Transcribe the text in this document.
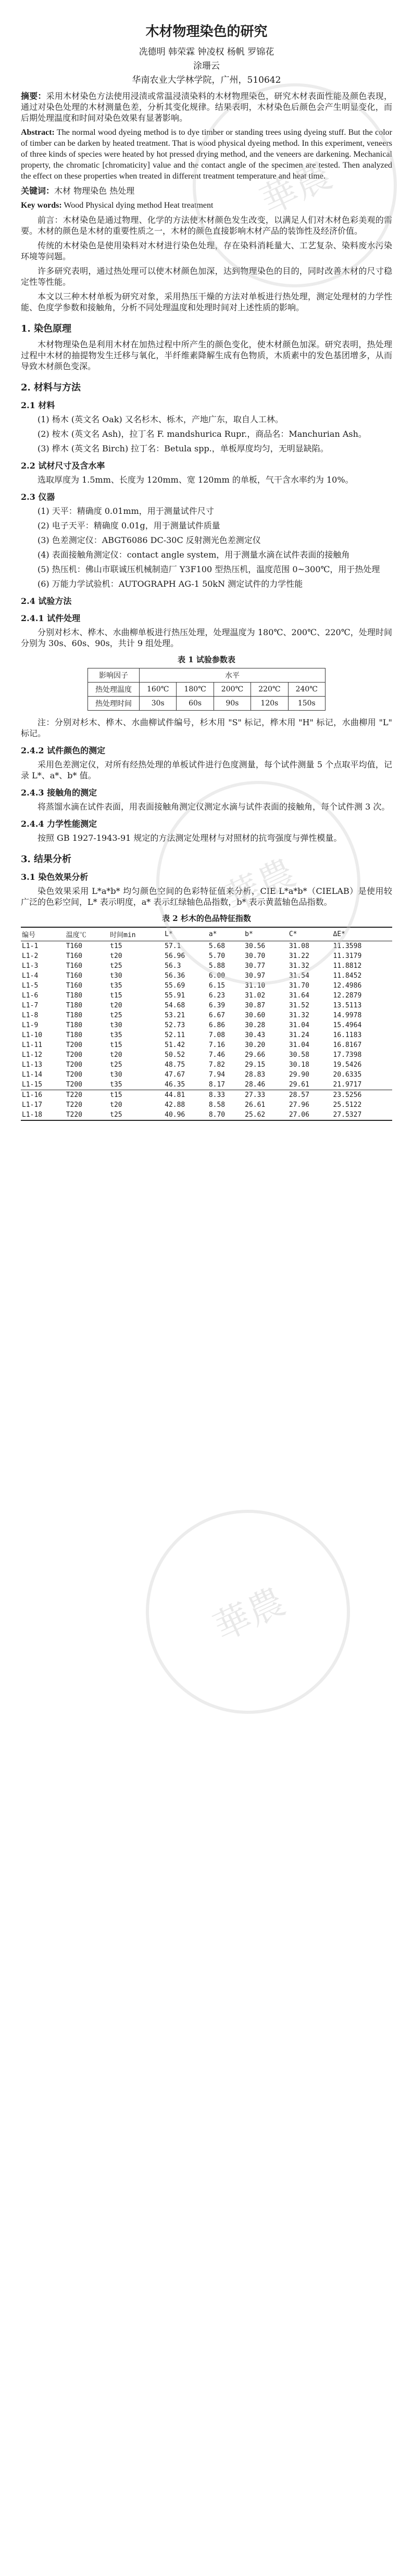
華農
華農
華農
木材物理染色的研究
冼德明 韩荣霖 钟凌权 杨帆 罗锦花
涂珊云
华南农业大学林学院，广州，510642

摘要：采用木材染色方法使用浸渍或常温浸渍染料的木材物理染色，研究木材表面性能及颜色表现，通过对染色处理的木材测量色差，分析其变化规律。结果表明，木材染色后颜色会产生明显变化，而后期处理温度和时间对染色效果有显著影响。

Abstract: The normal wood dyeing method is to dye timber or standing trees using dyeing stuff. But the color of timber can be darken by heated treatment. That is wood physical dyeing method. In this experiment, veneers of three kinds of species were heated by hot pressed drying method, and the veneers are darkening. Mechanical property, the chromatic [chromaticity] value and the contact angle of the specimen are tested. Then analyzed the effect on these properties when treated in different treatment temperature and heat time.

关键词：木材 物理染色 热处理

Key words: Wood Physical dying method Heat treatment

前言：木材染色是通过物理、化学的方法使木材颜色发生改变，以满足人们对木材色彩美观的需要。木材的颜色是木材的重要性质之一，木材的颜色直接影响木材产品的装饰性及经济价值。

传统的木材染色是使用染料对木材进行染色处理，存在染料消耗量大、工艺复杂、染料废水污染环境等问题。

许多研究表明，通过热处理可以使木材颜色加深，达到物理染色的目的，同时改善木材的尺寸稳定性等性能。

本文以三种木材单板为研究对象，采用热压干燥的方法对单板进行热处理，测定处理材的力学性能、色度学参数和接触角，分析不同处理温度和处理时间对上述性质的影响。

1. 染色原理

木材物理染色是利用木材在加热过程中所产生的颜色变化，使木材颜色加深。研究表明，热处理过程中木材的抽提物发生迁移与氧化，半纤维素降解生成有色物质，木质素中的发色基团增多，从而导致木材颜色变深。

2. 材料与方法
2.1 材料

(1) 杨木 (英文名 Oak) 又名杉木、栎木，产地广东，取自人工林。

(2) 桉木 (英文名 Ash)，拉丁名 F. mandshurica Rupr.，商品名：Manchurian Ash。

(3) 桦木 (英文名 Birch) 拉丁名：Betula spp.，单板厚度均匀，无明显缺陷。

2.2 试材尺寸及含水率

选取厚度为 1.5mm、长度为 120mm、宽 120mm 的单板，气干含水率约为 10%。

2.3 仪器

(1) 天平：精确度 0.01mm，用于测量试件尺寸

(2) 电子天平：精确度 0.01g，用于测量试件质量

(3) 色差测定仪：ABGT6086 DC-30C 反射测光色差测定仪

(4) 表面接触角测定仪：contact angle system，用于测量水滴在试件表面的接触角

(5) 热压机：佛山市联诚压机械制造厂 Y3F100 型热压机，温度范围 0~300℃，用于热处理

(6) 万能力学试验机：AUTOGRAPH AG-1 50kN 测定试件的力学性能

2.4 试验方法
2.4.1 试件处理

分别对杉木、桦木、水曲柳单板进行热压处理，处理温度为 180℃、200℃、220℃，处理时间分别为 30s、60s、90s，共计 9 组处理。

表 1 试验参数表
影响因子	水平				
热处理温度	160℃	180℃	200℃	220℃	240℃
热处理时间	30s	60s	90s	120s	150s

注：分别对杉木、桦木、水曲柳试件编号，杉木用 "S" 标记，桦木用 "H" 标记，水曲柳用 "L" 标记。

2.4.2 试件颜色的测定

采用色差测定仪，对所有经热处理的单板试件进行色度测量，每个试件测量 5 个点取平均值，记录 L*、a*、b* 值。

2.4.3 接触角的测定

将蒸馏水滴在试件表面，用表面接触角测定仪测定水滴与试件表面的接触角，每个试件测 3 次。

2.4.4 力学性能测定

按照 GB 1927-1943-91 规定的方法测定处理材与对照材的抗弯强度与弹性模量。

3. 结果分析
3.1 染色效果分析

染色效果采用 L*a*b* 均匀颜色空间的色彩特征值来分析，CIE L*a*b*（CIELAB）是使用较广泛的色彩空间，L* 表示明度，a* 表示红绿轴色品指数，b* 表示黄蓝轴色品指数。

表 2 杉木的色品特征指数
编号	温度℃	时间min	L*	a*	b*	C*	ΔE*
L1-1	T160	t15	57.1	5.68	30.56	31.08	11.3598
L1-2	T160	t20	56.96	5.70	30.70	31.22	11.3179
L1-3	T160	t25	56.3	5.88	30.77	31.32	11.8812
L1-4	T160	t30	56.36	6.00	30.97	31.54	11.8452
L1-5	T160	t35	55.69	6.15	31.10	31.70	12.4986
L1-6	T180	t15	55.91	6.23	31.02	31.64	12.2879
L1-7	T180	t20	54.68	6.39	30.87	31.52	13.5113
L1-8	T180	t25	53.21	6.67	30.60	31.32	14.9978
L1-9	T180	t30	52.73	6.86	30.28	31.04	15.4964
L1-10	T180	t35	52.11	7.08	30.43	31.24	16.1183
L1-11	T200	t15	51.42	7.16	30.20	31.04	16.8167
L1-12	T200	t20	50.52	7.46	29.66	30.58	17.7398
L1-13	T200	t25	48.75	7.82	29.15	30.18	19.5426
L1-14	T200	t30	47.67	7.94	28.83	29.90	20.6335
L1-15	T200	t35	46.35	8.17	28.46	29.61	21.9717
L1-16	T220	t15	44.81	8.33	27.33	28.57	23.5256
L1-17	T220	t20	42.88	8.58	26.61	27.96	25.5122
L1-18	T220	t25	40.96	8.70	25.62	27.06	27.5327
